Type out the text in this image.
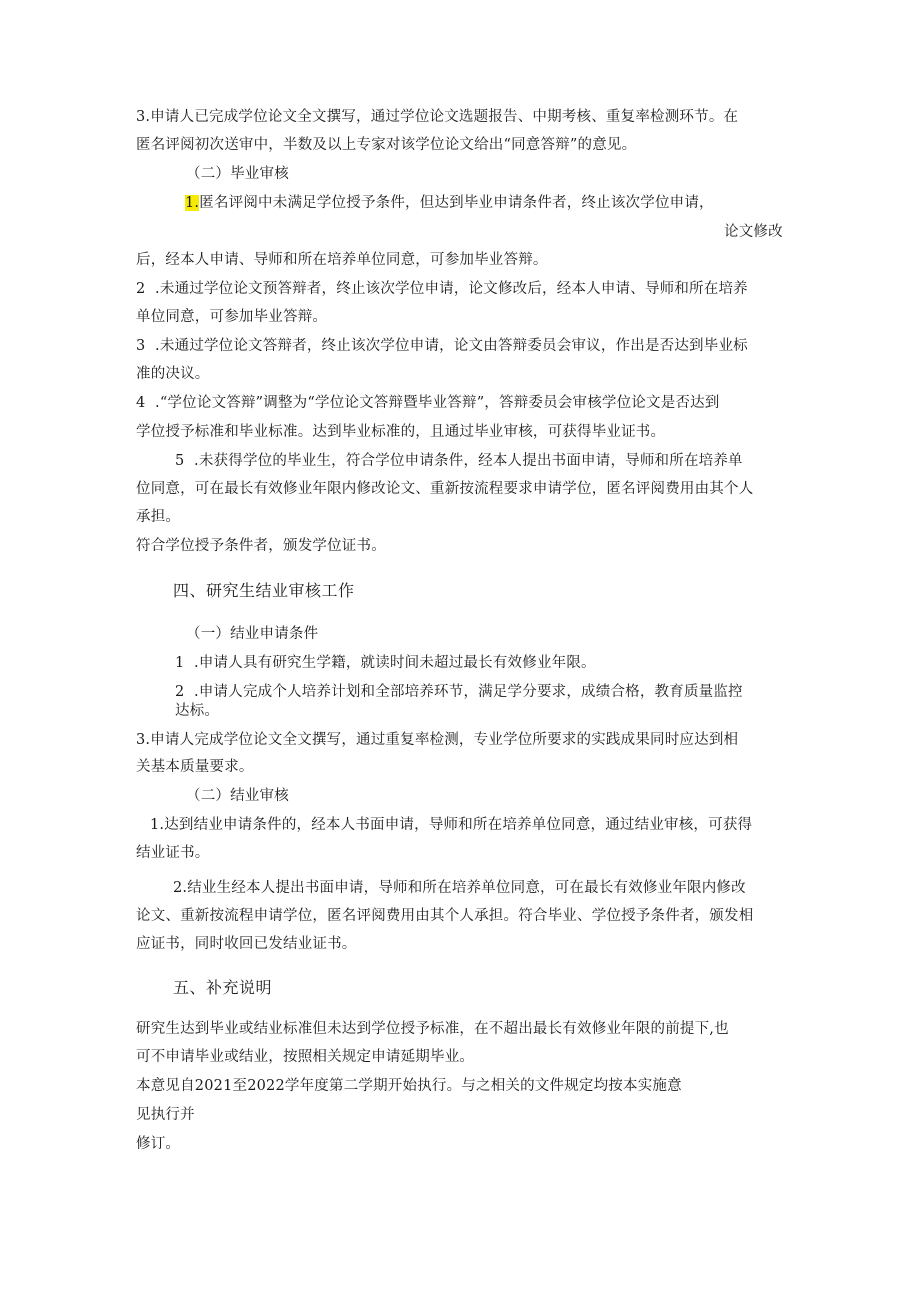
3.申请人已完成学位论文全文撰写，通过学位论文选题报告、中期考核、重复率检测环节。在

匿名评阅初次送审中，半数及以上专家对该学位论文给出“同意答辩”的意见。

（二）毕业审核

1.匿名评阅中未满足学位授予条件，但达到毕业申请条件者，终止该次学位申请，

论文修改

后，经本人申请、导师和所在培养单位同意，可参加毕业答辩。

2  .未通过学位论文预答辩者，终止该次学位申请，论文修改后，经本人申请、导师和所在培养

单位同意，可参加毕业答辩。

3  .未通过学位论文答辩者，终止该次学位申请，论文由答辩委员会审议，作出是否达到毕业标

准的决议。

4  .“学位论文答辩”调整为“学位论文答辩暨毕业答辩”，答辩委员会审核学位论文是否达到

学位授予标准和毕业标准。达到毕业标准的，且通过毕业审核，可获得毕业证书。

5  .未获得学位的毕业生，符合学位申请条件，经本人提出书面申请，导师和所在培养单

位同意，可在最长有效修业年限内修改论文、重新按流程要求申请学位，匿名评阅费用由其个人

承担。

符合学位授予条件者，颁发学位证书。

四、研究生结业审核工作

（一）结业申请条件

1  .申请人具有研究生学籍，就读时间未超过最长有效修业年限。

2  .申请人完成个人培养计划和全部培养环节，满足学分要求，成绩合格，教育质量监控

达标。

3.申请人完成学位论文全文撰写，通过重复率检测，专业学位所要求的实践成果同时应达到相

关基本质量要求。

（二）结业审核

1.达到结业申请条件的，经本人书面申请，导师和所在培养单位同意，通过结业审核，可获得

结业证书。

2.结业生经本人提出书面申请，导师和所在培养单位同意，可在最长有效修业年限内修改

论文、重新按流程申请学位，匿名评阅费用由其个人承担。符合毕业、学位授予条件者，颁发相

应证书，同时收回已发结业证书。

五、补充说明

研究生达到毕业或结业标准但未达到学位授予标准，在不超出最长有效修业年限的前提下,也

可不申请毕业或结业，按照相关规定申请延期毕业。

本意见自2021至2022学年度第二学期开始执行。与之相关的文件规定均按本实施意

见执行并

修订。
